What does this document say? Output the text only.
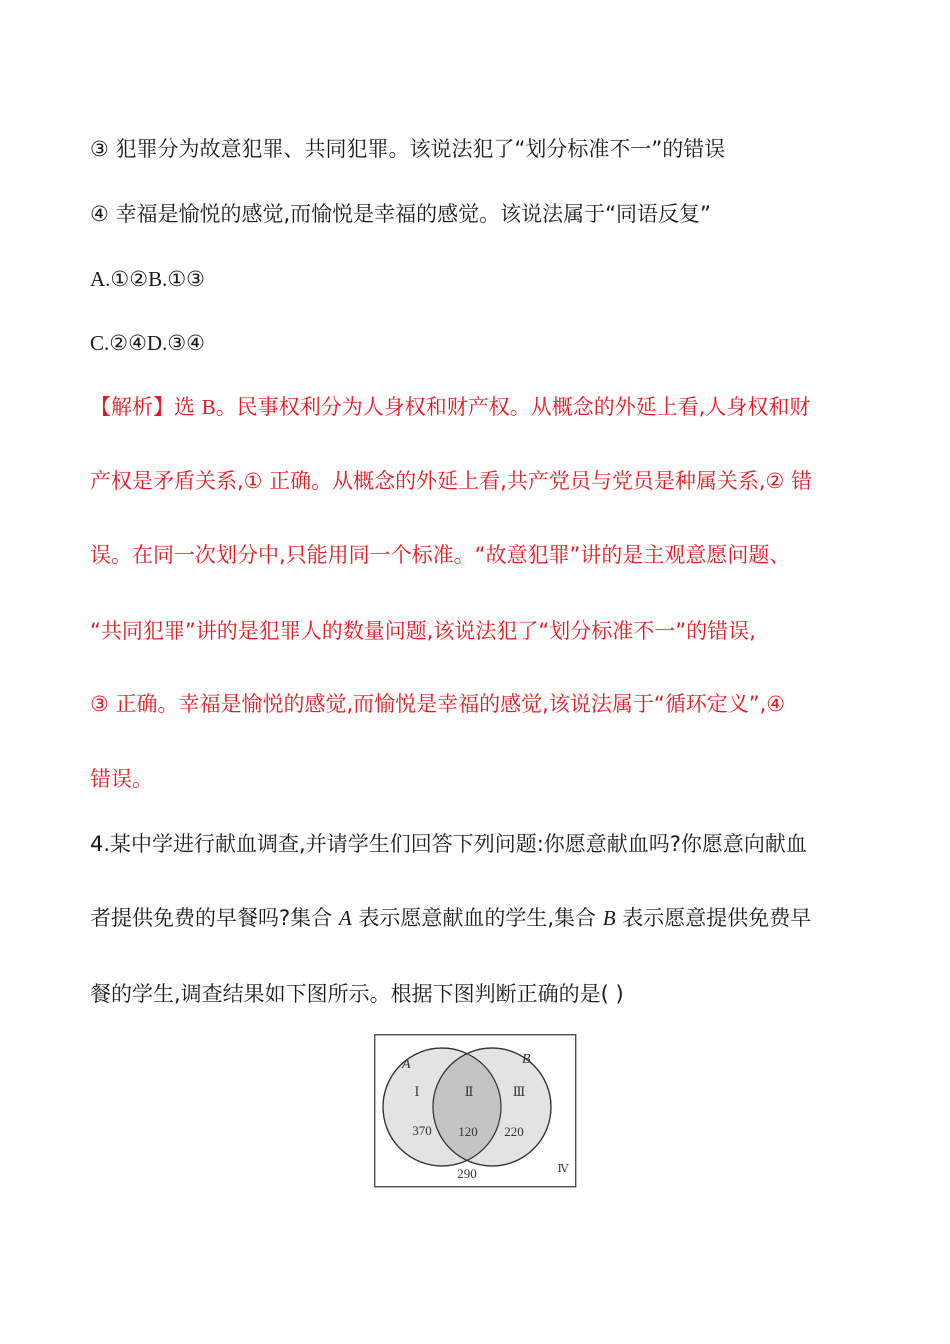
③ 犯罪分为故意犯罪、共同犯罪。该说法犯了“划分标准不一”的错误
④ 幸福是愉悦的感觉,而愉悦是幸福的感觉。该说法属于“同语反复”
A.①②B.①③
C.②④D.③④
【解析】选 B。民事权利分为人身权和财产权。从概念的外延上看,人身权和财
产权是矛盾关系,① 正确。从概念的外延上看,共产党员与党员是种属关系,② 错
误。在同一次划分中,只能用同一个标准。“故意犯罪”讲的是主观意愿问题、
“共同犯罪”讲的是犯罪人的数量问题,该说法犯了“划分标准不一”的错误,
③ 正确。幸福是愉悦的感觉,而愉悦是幸福的感觉,该说法属于“循环定义”,④
错误。
4.某中学进行献血调查,并请学生们回答下列问题:你愿意献血吗?你愿意向献血
者提供免费的早餐吗?集合 A 表示愿意献血的学生,集合 B 表示愿意提供免费早
餐的学生,调查结果如下图所示。根据下图判断正确的是( )
A	B
Ⅰ	Ⅱ	Ⅲ
370 120 220
290	Ⅳ
